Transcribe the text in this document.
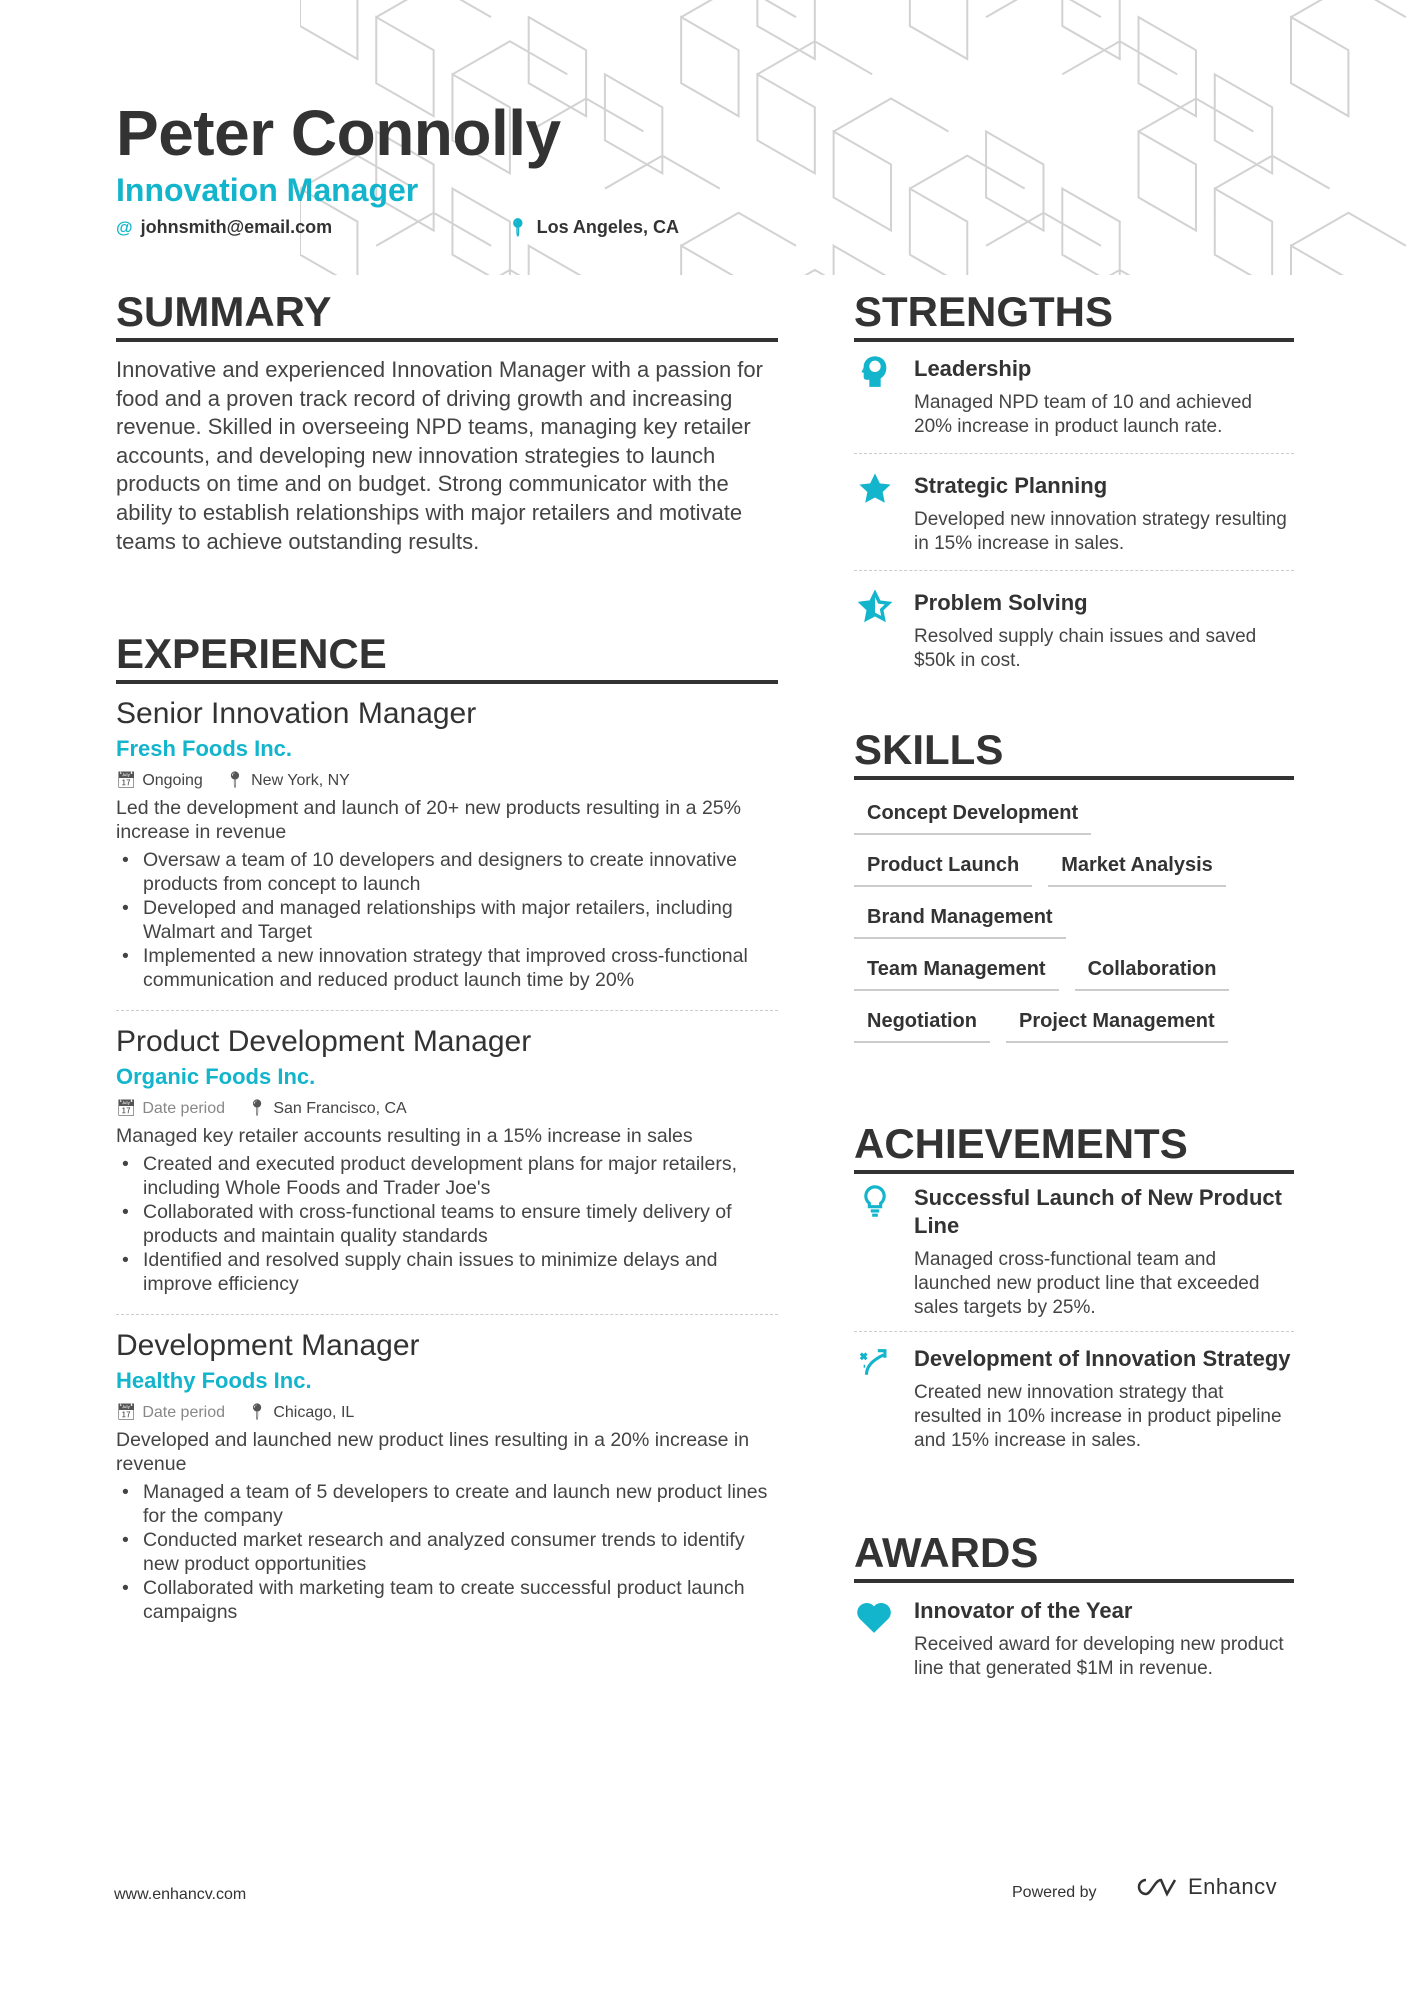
Peter Connolly
Innovation Manager
@ johnsmith@email.com	📍︎ Los Angeles, CA
SUMMARY

Innovative and experienced Innovation Manager with a passion for food and a proven track record of driving growth and increasing revenue. Skilled in overseeing NPD teams, managing key retailer accounts, and developing new innovation strategies to launch products on time and on budget. Strong communicator with the ability to establish relationships with major retailers and motivate teams to achieve outstanding results.

EXPERIENCE
Senior Innovation Manager
Fresh Foods Inc.
📅︎ Ongoing 📍︎ New York, NY
Led the development and launch of 20+ new products resulting in a 25% increase in revenue
• Oversaw a team of 10 developers and designers to create innovative products from concept to launch
• Developed and managed relationships with major retailers, including Walmart and Target
• Implemented a new innovation strategy that improved cross-functional communication and reduced product launch time by 20%
Product Development Manager
Organic Foods Inc.
📅︎ Date period 📍︎ San Francisco, CA
Managed key retailer accounts resulting in a 15% increase in sales
• Created and executed product development plans for major retailers, including Whole Foods and Trader Joe's
• Collaborated with cross-functional teams to ensure timely delivery of products and maintain quality standards
• Identified and resolved supply chain issues to minimize delays and improve efficiency
Development Manager
Healthy Foods Inc.
📅︎ Date period 📍︎ Chicago, IL
Developed and launched new product lines resulting in a 20% increase in revenue
• Managed a team of 5 developers to create and launch new product lines for the company
• Conducted market research and analyzed consumer trends to identify new product opportunities
• Collaborated with marketing team to create successful product launch campaigns
STRENGTHS
Leadership
Managed NPD team of 10 and achieved 20% increase in product launch rate.
Strategic Planning
Developed new innovation strategy resulting in 15% increase in sales.
Problem Solving
Resolved supply chain issues and saved $50k in cost.
SKILLS
Concept Development
Product Launch	Market Analysis
Brand Management
Team Management	Collaboration
Negotiation	Project Management
ACHIEVEMENTS
Successful Launch of New Product Line
Managed cross-functional team and launched new product line that exceeded sales targets by 25%.
Development of Innovation Strategy
Created new innovation strategy that resulted in 10% increase in product pipeline and 15% increase in sales.
AWARDS
Innovator of the Year
Received award for developing new product line that generated $1M in revenue.
www.enhancv.com	Powered by	Enhancv
